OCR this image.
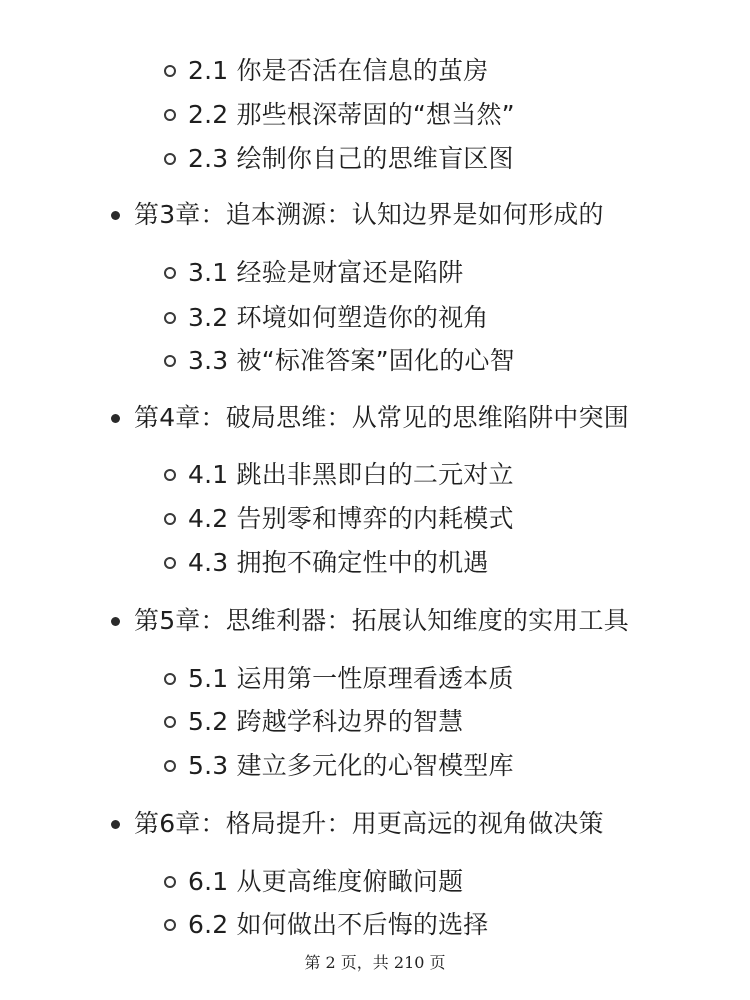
2.1 你是否活在信息的茧房
2.2 那些根深蒂固的“想当然”
2.3 绘制你自己的思维盲区图
第3章：追本溯源：认知边界是如何形成的
3.1 经验是财富还是陷阱
3.2 环境如何塑造你的视角
3.3 被“标准答案”固化的心智
第4章：破局思维：从常见的思维陷阱中突围
4.1 跳出非黑即白的二元对立
4.2 告别零和博弈的内耗模式
4.3 拥抱不确定性中的机遇
第5章：思维利器：拓展认知维度的实用工具
5.1 运用第一性原理看透本质
5.2 跨越学科边界的智慧
5.3 建立多元化的心智模型库
第6章：格局提升：用更高远的视角做决策
6.1 从更高维度俯瞰问题
6.2 如何做出不后悔的选择
第 2 页，共 210 页
